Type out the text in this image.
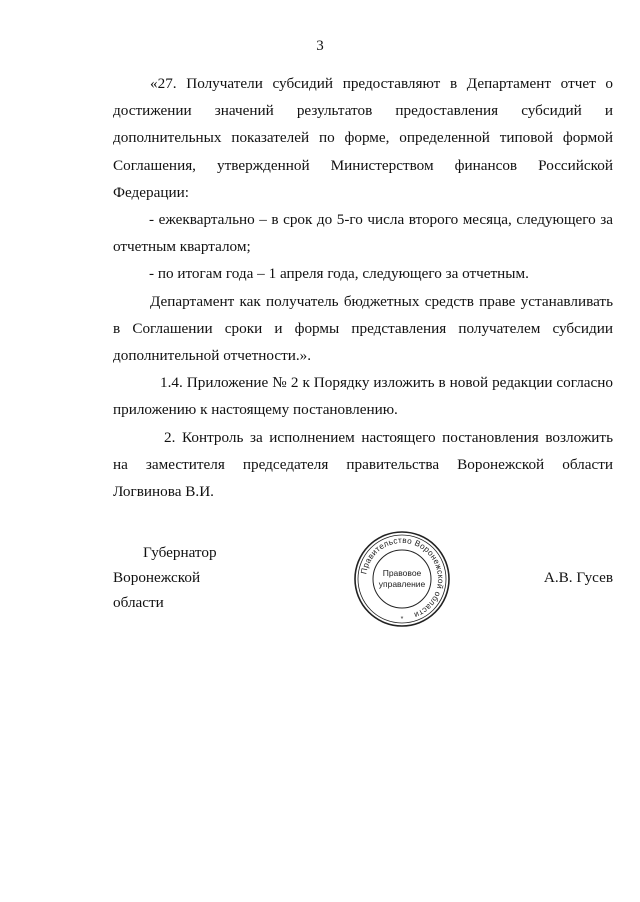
3

«27. Получатели субсидий предоставляют в Департамент отчет о достижении значений результатов предоставления субсидий и дополнительных показателей по форме, определенной типовой формой Соглашения, утвержденной Министерством финансов Российской Федерации:

- ежеквартально – в срок до 5-го числа второго месяца, следующего за отчетным кварталом;

- по итогам года – 1 апреля года, следующего за отчетным.

Департамент как получатель бюджетных средств праве устанавливать в Соглашении сроки и формы представления получателем субсидии дополнительной отчетности.».

1.4. Приложение № 2 к Порядку изложить в новой редакции согласно приложению к настоящему постановлению.

2. Контроль за исполнением настоящего постановления возложить на заместителя председателя правительства Воронежской области Логвинова В.И.

Губернатор
Воронежской области
Правительство Воронежской области
Правовое
управление
*
А.В. Гусев
